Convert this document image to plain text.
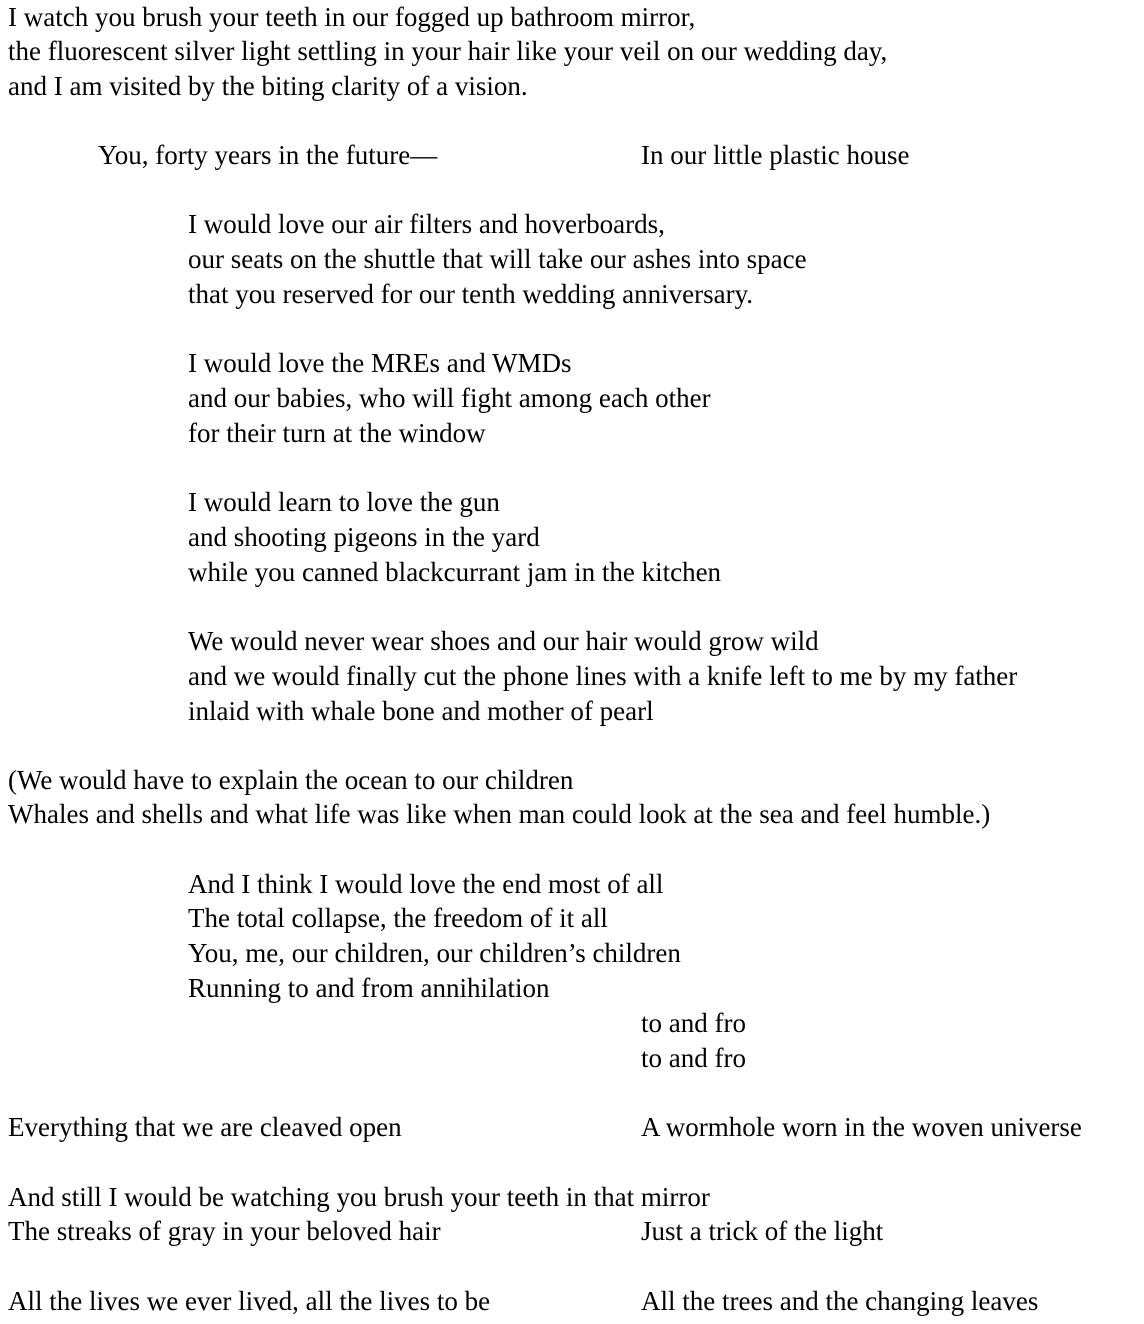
I watch you brush your teeth in our fogged up bathroom mirror,

the fluorescent silver light settling in your hair like your veil on our wedding day,

and I am visited by the biting clarity of a vision.

You, forty years in the future—	In our little plastic house

I would love our air filters and hoverboards,

our seats on the shuttle that will take our ashes into space

that you reserved for our tenth wedding anniversary.

I would love the MREs and WMDs

and our babies, who will fight among each other

for their turn at the window

I would learn to love the gun

and shooting pigeons in the yard

while you canned blackcurrant jam in the kitchen

We would never wear shoes and our hair would grow wild

and we would finally cut the phone lines with a knife left to me by my father

inlaid with whale bone and mother of pearl

(We would have to explain the ocean to our children

Whales and shells and what life was like when man could look at the sea and feel humble.)

And I think I would love the end most of all

The total collapse, the freedom of it all

You, me, our children, our children’s children

Running to and from annihilation

to and fro

to and fro

Everything that we are cleaved open	A wormhole worn in the woven universe

And still I would be watching you brush your teeth in that mirror

The streaks of gray in your beloved hair	Just a trick of the light

All the lives we ever lived, all the lives to be	All the trees and the changing leaves
